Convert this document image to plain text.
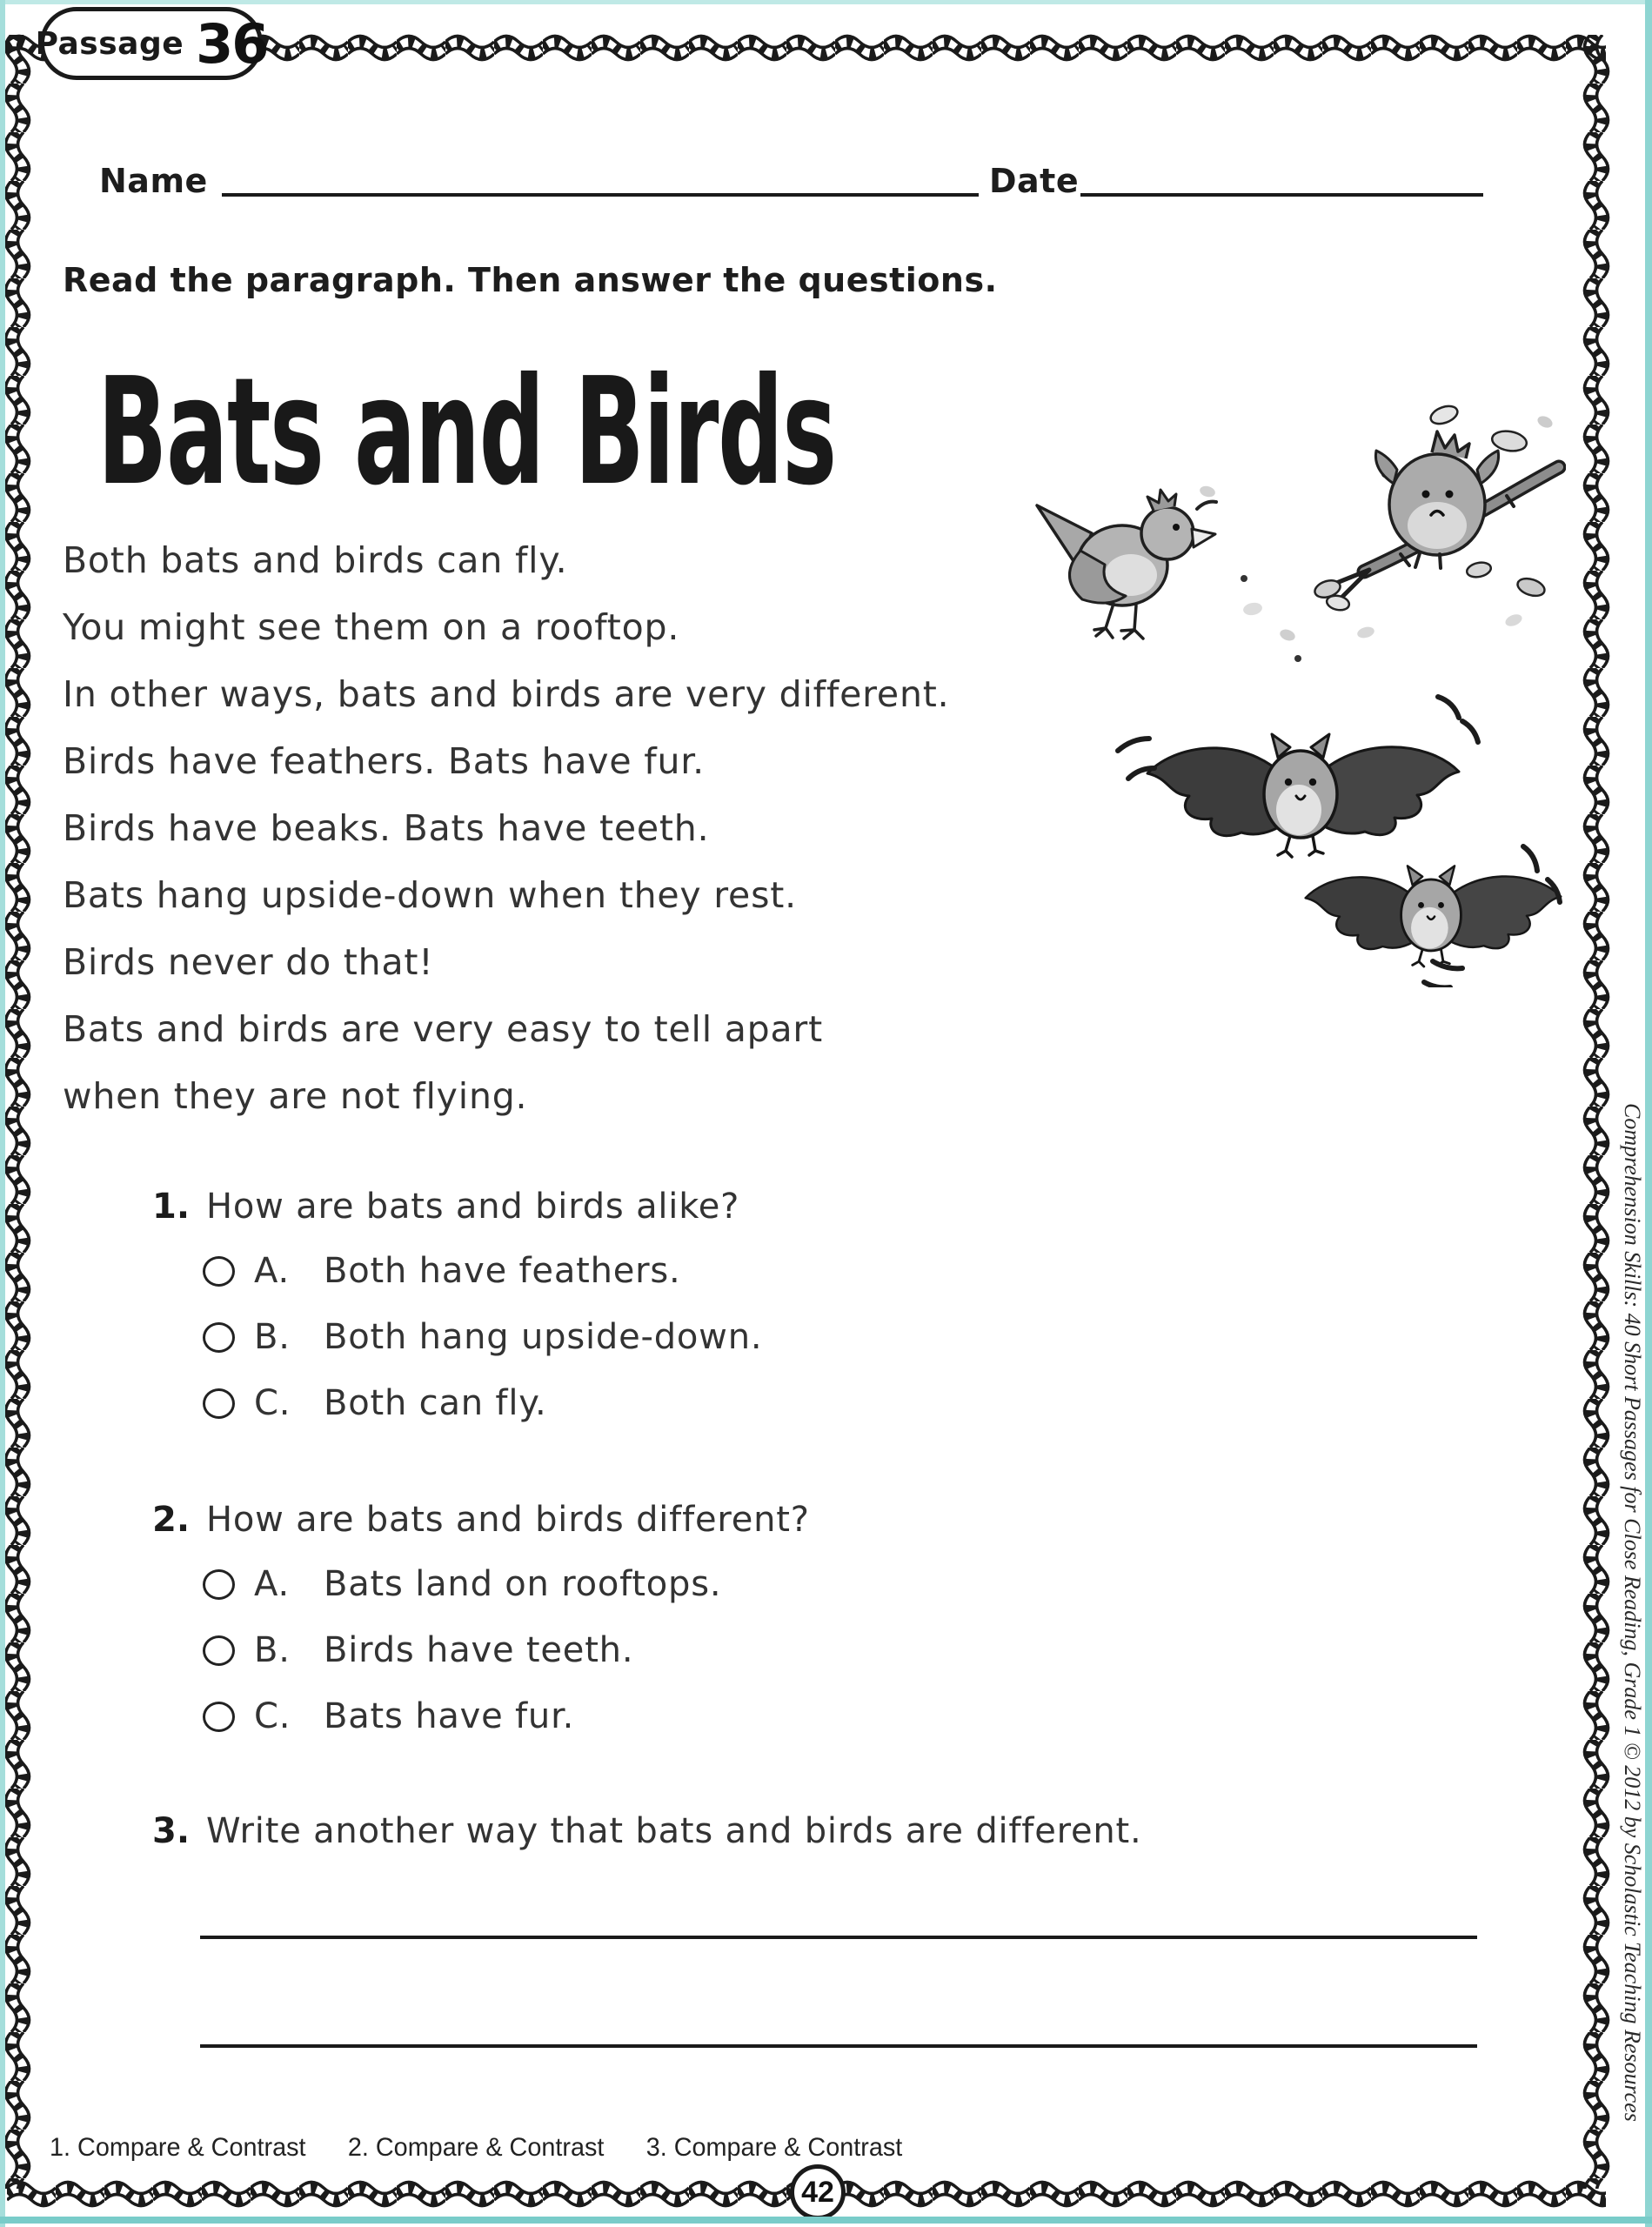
Passage 36
Name	Date
Read the paragraph. Then answer the questions.
Bats and Birds
Both bats and birds can fly.
You might see them on a rooftop.
In other ways, bats and birds are very different.
Birds have feathers. Bats have fur.
Birds have beaks. Bats have teeth.
Bats hang upside-down when they rest.
Birds never do that!
Bats and birds are very easy to tell apart
when they are not flying.
1. How are bats and birds alike?
A. Both have feathers.
B. Both hang upside-down.
C. Both can fly.
2. How are bats and birds different?
A. Bats land on rooftops.
B. Birds have teeth.
C. Bats have fur.
3. Write another way that bats and birds are different.
1. Compare & Contrast 2. Compare & Contrast 3. Compare & Contrast
42
Comprehension Skills: 40 Short Passages for Close Reading, Grade 1 © 2012 by Scholastic Teaching Resources
